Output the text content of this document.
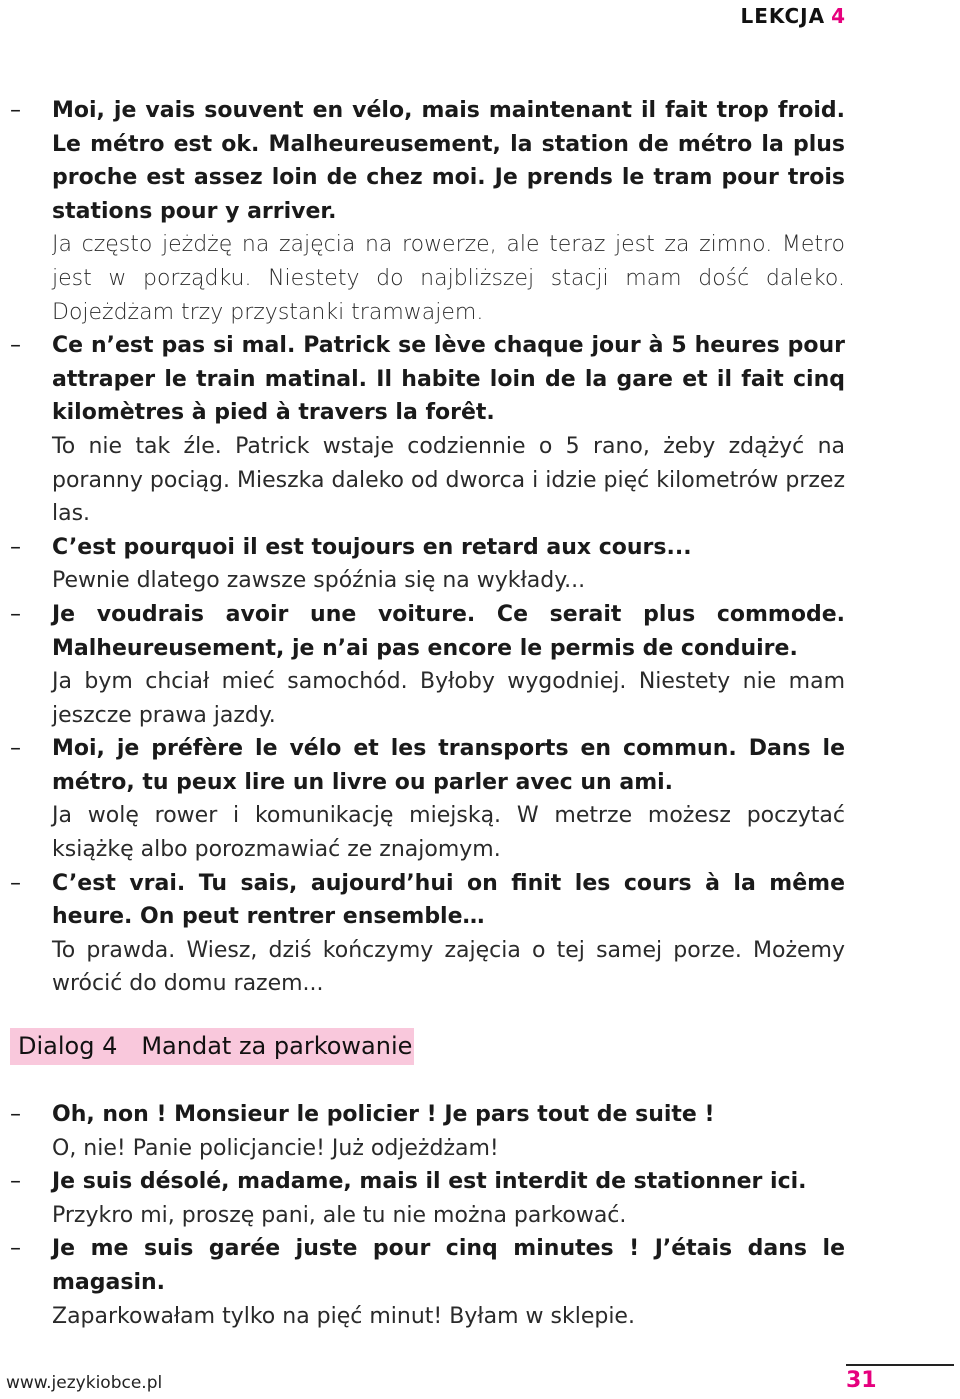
LEKCJA 4
– Moi, je vais souvent en vélo, mais maintenant il fait trop froid. Le métro est ok. Malheureusement, la station de métro la plus proche est assez loin de chez moi. Je prends le tram pour trois stations pour y arriver.

Ja często jeżdżę na zajęcia na rowerze, ale teraz jest za zimno. Metro jest w porządku. Niestety do najbliższej stacji mam dość daleko. Dojeżdżam trzy przystanki tramwajem.

– Ce n’est pas si mal. Patrick se lève chaque jour à 5 heures pour attraper le train matinal. Il habite loin de la gare et il fait cinq kilomètres à pied à travers la forêt.

To nie tak źle. Patrick wstaje codziennie o 5 rano, żeby zdążyć na poranny pociąg. Mieszka daleko od dworca i idzie pięć kilometrów przez las.

– C’est pourquoi il est toujours en retard aux cours...

Pewnie dlatego zawsze spóźnia się na wykłady...

– Je voudrais avoir une voiture. Ce serait plus commode. Malheureusement, je n’ai pas encore le permis de conduire.

Ja bym chciał mieć samochód. Byłoby wygodniej. Niestety nie mam jeszcze prawa jazdy.

– Moi, je préfère le vélo et les transports en commun. Dans le métro, tu peux lire un livre ou parler avec un ami.

Ja wolę rower i komunikację miejską. W metrze możesz poczytać książkę albo porozmawiać ze znajomym.

– C’est vrai. Tu sais, aujourd’hui on finit les cours à la même heure. On peut rentrer ensemble…

To prawda. Wiesz, dziś kończymy zajęcia o tej samej porze. Możemy wrócić do domu razem...

Dialog 4 Mandat za parkowanie
– Oh, non ! Monsieur le policier ! Je pars tout de suite !

O, nie! Panie policjancie! Już odjeżdżam!

– Je suis désolé, madame, mais il est interdit de stationner ici.

Przykro mi, proszę pani, ale tu nie można parkować.

– Je me suis garée juste pour cinq minutes ! J’étais dans le magasin.

Zaparkowałam tylko na pięć minut! Byłam w sklepie.

www.jezykiobce.pl	31
